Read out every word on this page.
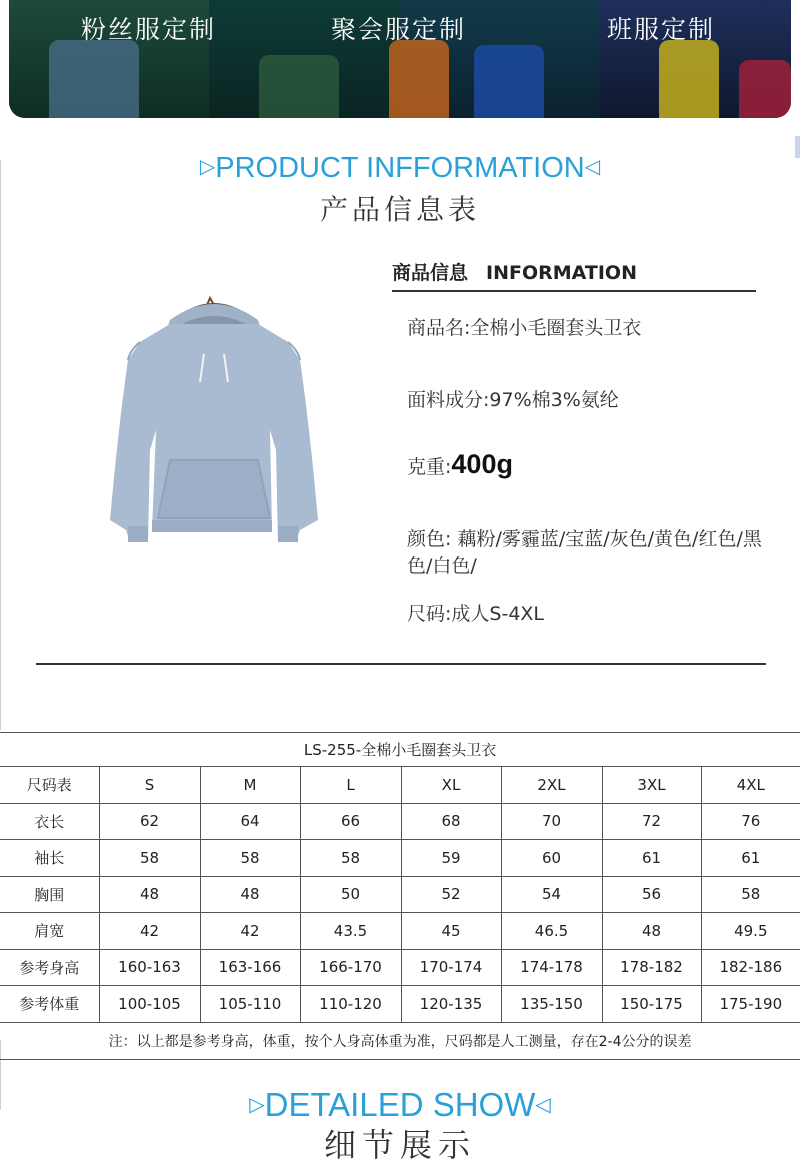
粉丝服定制	聚会服定制	班服定制
▷PRODUCT INFFORMATION◁
产品信息表
商品信息 INFORMATION
商品名:全棉小毛圈套头卫衣
面料成分:97%棉3%氨纶
克重:400g
颜色: 藕粉/雾霾蓝/宝蓝/灰色/黄色/红色/黑色/白色/
尺码:成人S-4XL
LS-255-全棉小毛圈套头卫衣							
尺码表	S	M	L	XL	2XL	3XL	4XL
衣长	62	64	66	68	70	72	76
袖长	58	58	58	59	60	61	61
胸围	48	48	50	52	54	56	58
肩宽	42	42	43.5	45	46.5	48	49.5
参考身高	160-163	163-166	166-170	170-174	174-178	178-182	182-186
参考体重	100-105	105-110	110-120	120-135	135-150	150-175	175-190
注：以上都是参考身高，体重，按个人身高体重为准，尺码都是人工测量，存在2-4公分的误差							
▷DETAILED SHOW◁
细节展示
